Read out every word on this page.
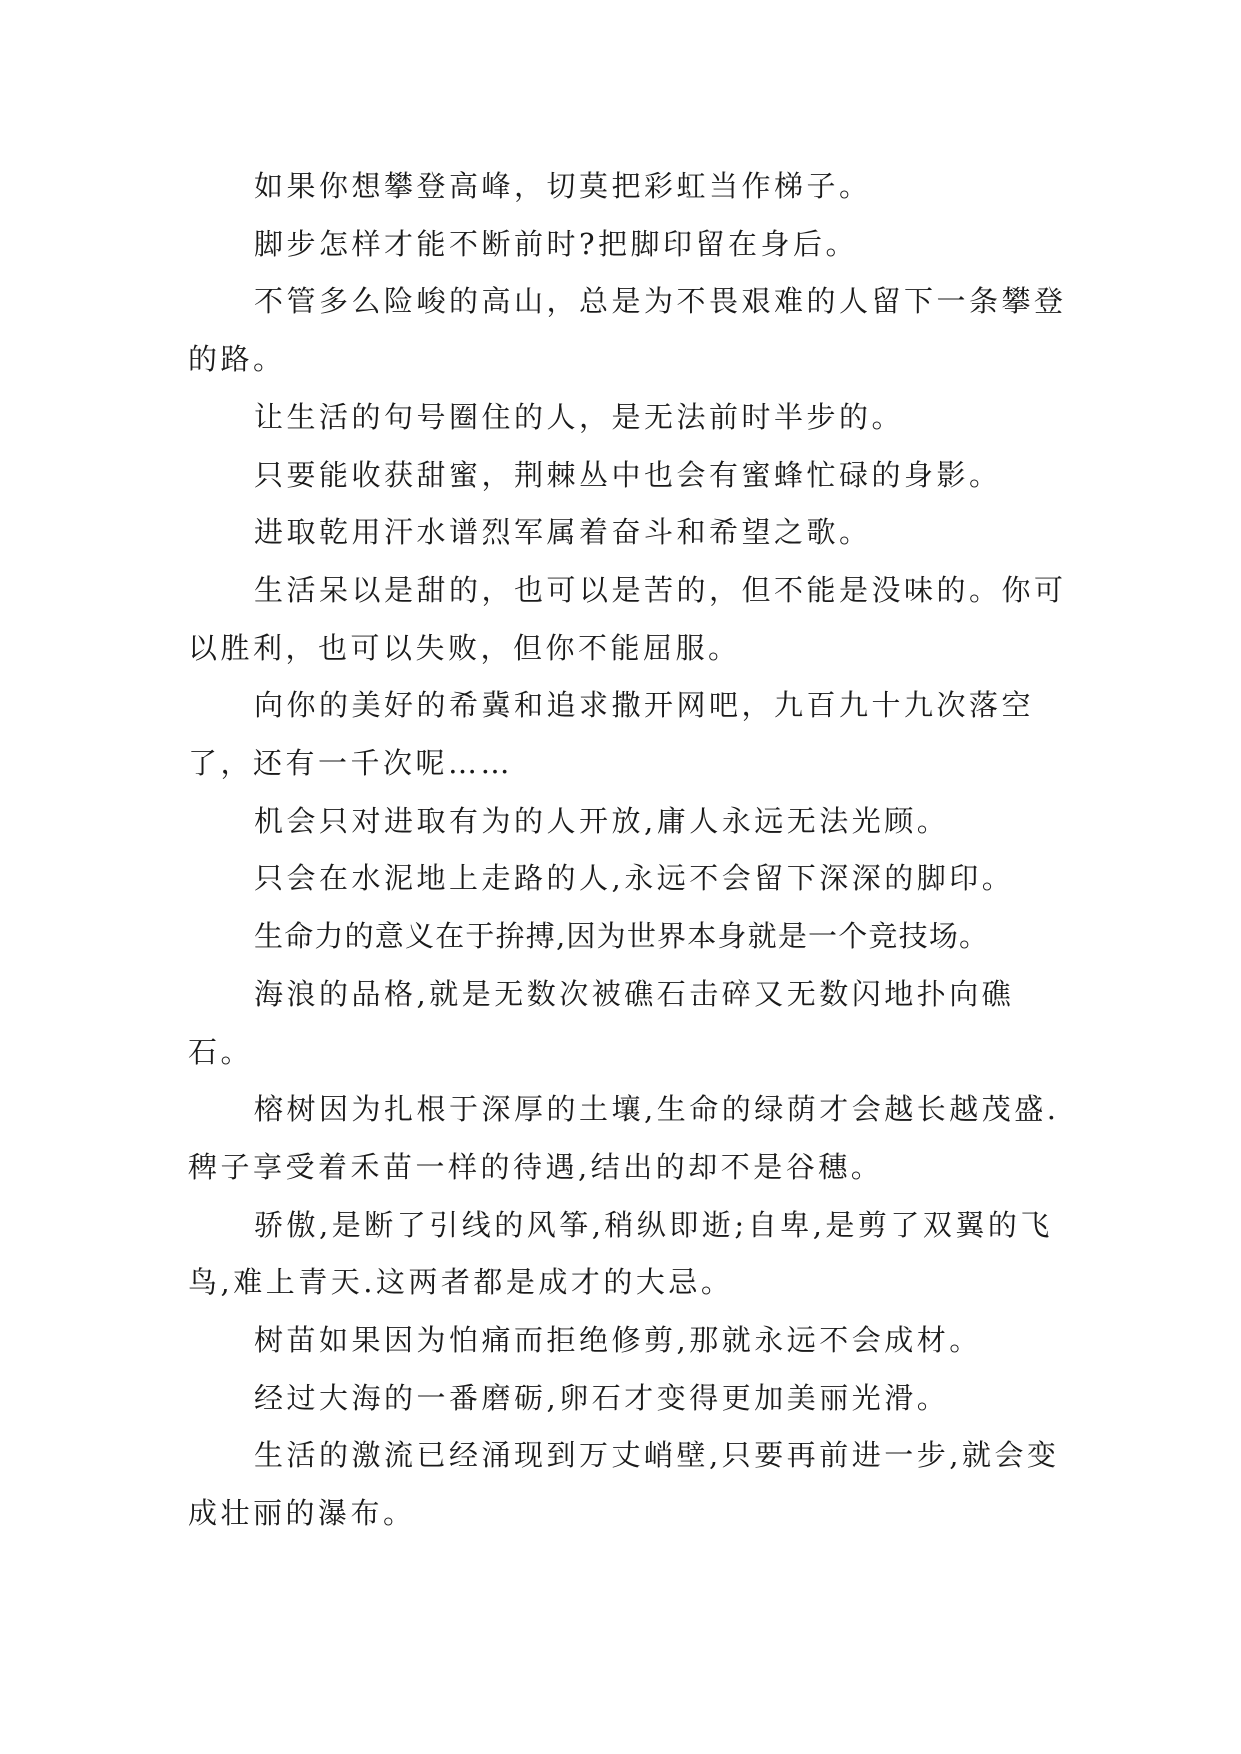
如果你想攀登高峰，切莫把彩虹当作梯子。

脚步怎样才能不断前时?把脚印留在身后。

不管多么险峻的高山，总是为不畏艰难的人留下一条攀登的路。

让生活的句号圈住的人，是无法前时半步的。

只要能收获甜蜜，荆棘丛中也会有蜜蜂忙碌的身影。

进取乾用汗水谱烈军属着奋斗和希望之歌。

生活呆以是甜的，也可以是苦的，但不能是没味的。你可以胜利，也可以失败，但你不能屈服。

向你的美好的希冀和追求撒开网吧，九百九十九次落空了，还有一千次呢……

机会只对进取有为的人开放,庸人永远无法光顾。

只会在水泥地上走路的人,永远不会留下深深的脚印。

生命力的意义在于拚搏,因为世界本身就是一个竞技场。

海浪的品格,就是无数次被礁石击碎又无数闪地扑向礁石。

榕树因为扎根于深厚的土壤,生命的绿荫才会越长越茂盛.稗子享受着禾苗一样的待遇,结出的却不是谷穗。

骄傲,是断了引线的风筝,稍纵即逝;自卑,是剪了双翼的飞鸟,难上青天.这两者都是成才的大忌。

树苗如果因为怕痛而拒绝修剪,那就永远不会成材。

经过大海的一番磨砺,卵石才变得更加美丽光滑。

生活的激流已经涌现到万丈峭壁,只要再前进一步,就会变成壮丽的瀑布。
